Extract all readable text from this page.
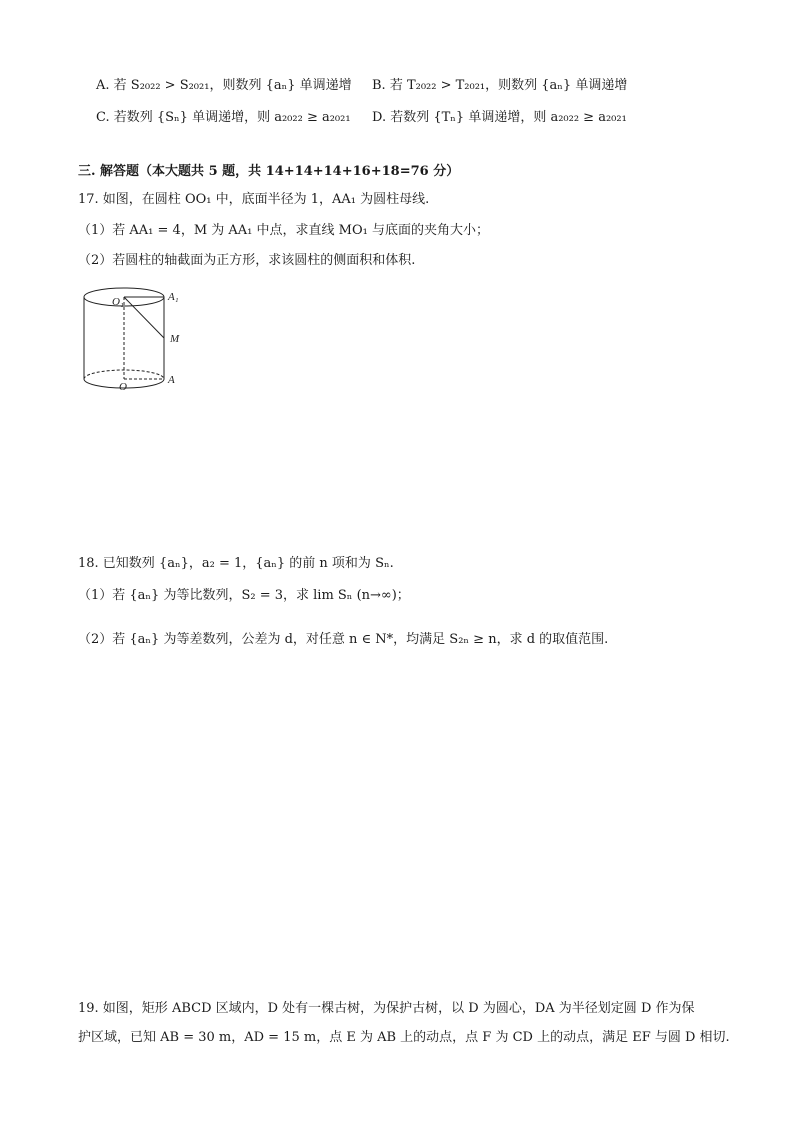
A. 若 S₂₀₂₂ > S₂₀₂₁，则数列 {aₙ} 单调递增 B. 若 T₂₀₂₂ > T₂₀₂₁，则数列 {aₙ} 单调递增
C. 若数列 {Sₙ} 单调递增，则 a₂₀₂₂ ≥ a₂₀₂₁ D. 若数列 {Tₙ} 单调递增，则 a₂₀₂₂ ≥ a₂₀₂₁
三. 解答题（本大题共 5 题，共 14+14+14+16+18=76 分）
17. 如图，在圆柱 OO₁ 中，底面半径为 1，AA₁ 为圆柱母线.
（1）若 AA₁ = 4，M 为 AA₁ 中点，求直线 MO₁ 与底面的夹角大小；
（2）若圆柱的轴截面为正方形，求该圆柱的侧面积和体积.
O₁	A₁
M
O
A
18. 已知数列 {aₙ}，a₂ = 1，{aₙ} 的前 n 项和为 Sₙ.
（1）若 {aₙ} 为等比数列，S₂ = 3，求 lim Sₙ (n→∞)；
（2）若 {aₙ} 为等差数列，公差为 d，对任意 n ∈ N*，均满足 S₂ₙ ≥ n，求 d 的取值范围.
19. 如图，矩形 ABCD 区域内，D 处有一棵古树，为保护古树，以 D 为圆心，DA 为半径划定圆 D 作为保
护区域，已知 AB = 30 m，AD = 15 m，点 E 为 AB 上的动点，点 F 为 CD 上的动点，满足 EF 与圆 D 相切.
